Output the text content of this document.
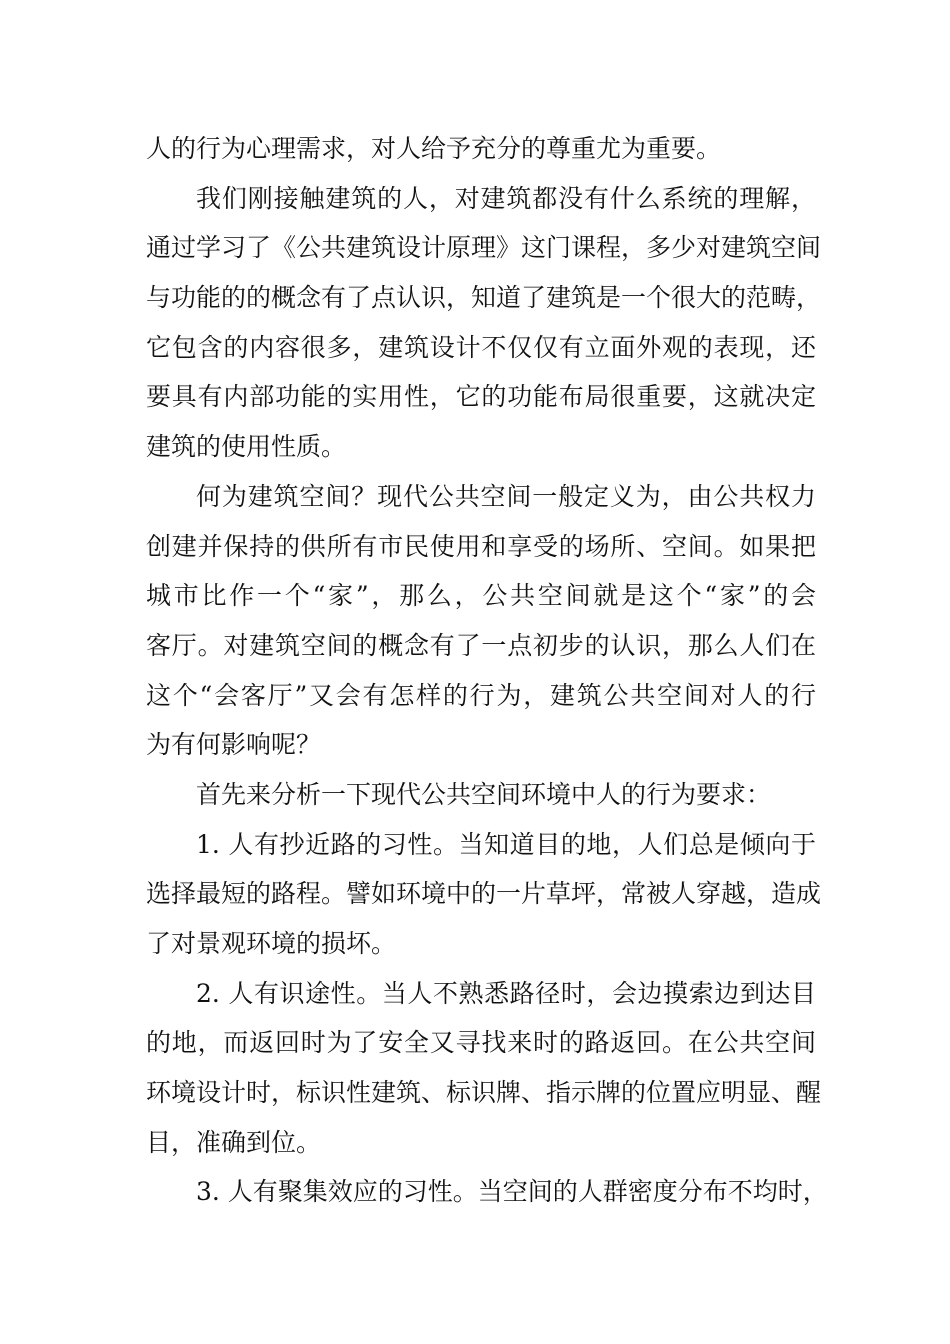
人的行为心理需求，对人给予充分的尊重尤为重要。
我们刚接触建筑的人，对建筑都没有什么系统的理解，
通过学习了《公共建筑设计原理》这门课程，多少对建筑空间
与功能的的概念有了点认识，知道了建筑是一个很大的范畴，
它包含的内容很多，建筑设计不仅仅有立面外观的表现，还
要具有内部功能的实用性，它的功能布局很重要，这就决定
建筑的使用性质。
何为建筑空间？现代公共空间一般定义为，由公共权力
创建并保持的供所有市民使用和享受的场所、空间。如果把
城市比作一个“家”，那么，公共空间就是这个“家”的会
客厅。对建筑空间的概念有了一点初步的认识，那么人们在
这个“会客厅”又会有怎样的行为，建筑公共空间对人的行
为有何影响呢？
首先来分析一下现代公共空间环境中人的行为要求：
1. 人有抄近路的习性。当知道目的地，人们总是倾向于
选择最短的路程。譬如环境中的一片草坪，常被人穿越，造成
了对景观环境的损坏。
2. 人有识途性。当人不熟悉路径时，会边摸索边到达目
的地，而返回时为了安全又寻找来时的路返回。在公共空间
环境设计时，标识性建筑、标识牌、指示牌的位置应明显、醒
目，准确到位。
3. 人有聚集效应的习性。当空间的人群密度分布不均时，
